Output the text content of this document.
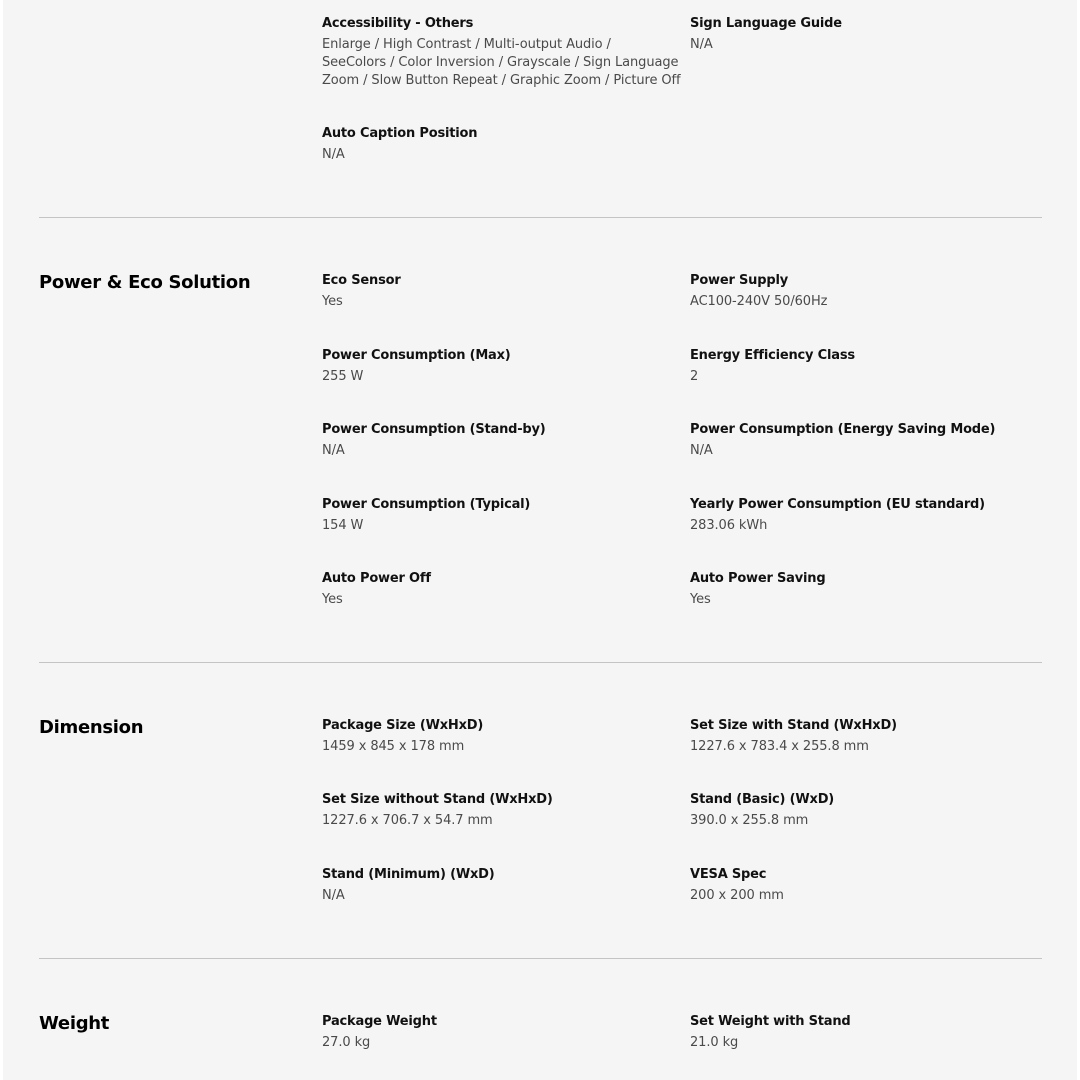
Accessibility - Others
Enlarge / High Contrast / Multi-output Audio /
SeeColors / Color Inversion / Grayscale / Sign Language
Zoom / Slow Button Repeat / Graphic Zoom / Picture Off
Sign Language Guide
N/A
Auto Caption Position
N/A
Power & Eco Solution	Eco Sensor
Yes
Power Supply
AC100-240V 50/60Hz
Power Consumption (Max)
255 W
Energy Efficiency Class
2
Power Consumption (Stand-by)
N/A
Power Consumption (Energy Saving Mode)
N/A
Power Consumption (Typical)
154 W
Yearly Power Consumption (EU standard)
283.06 kWh
Auto Power Off
Yes
Auto Power Saving
Yes
Dimension	Package Size (WxHxD)
1459 x 845 x 178 mm
Set Size with Stand (WxHxD)
1227.6 x 783.4 x 255.8 mm
Set Size without Stand (WxHxD)
1227.6 x 706.7 x 54.7 mm
Stand (Basic) (WxD)
390.0 x 255.8 mm
Stand (Minimum) (WxD)
N/A
VESA Spec
200 x 200 mm
Weight	Package Weight
27.0 kg
Set Weight with Stand
21.0 kg
